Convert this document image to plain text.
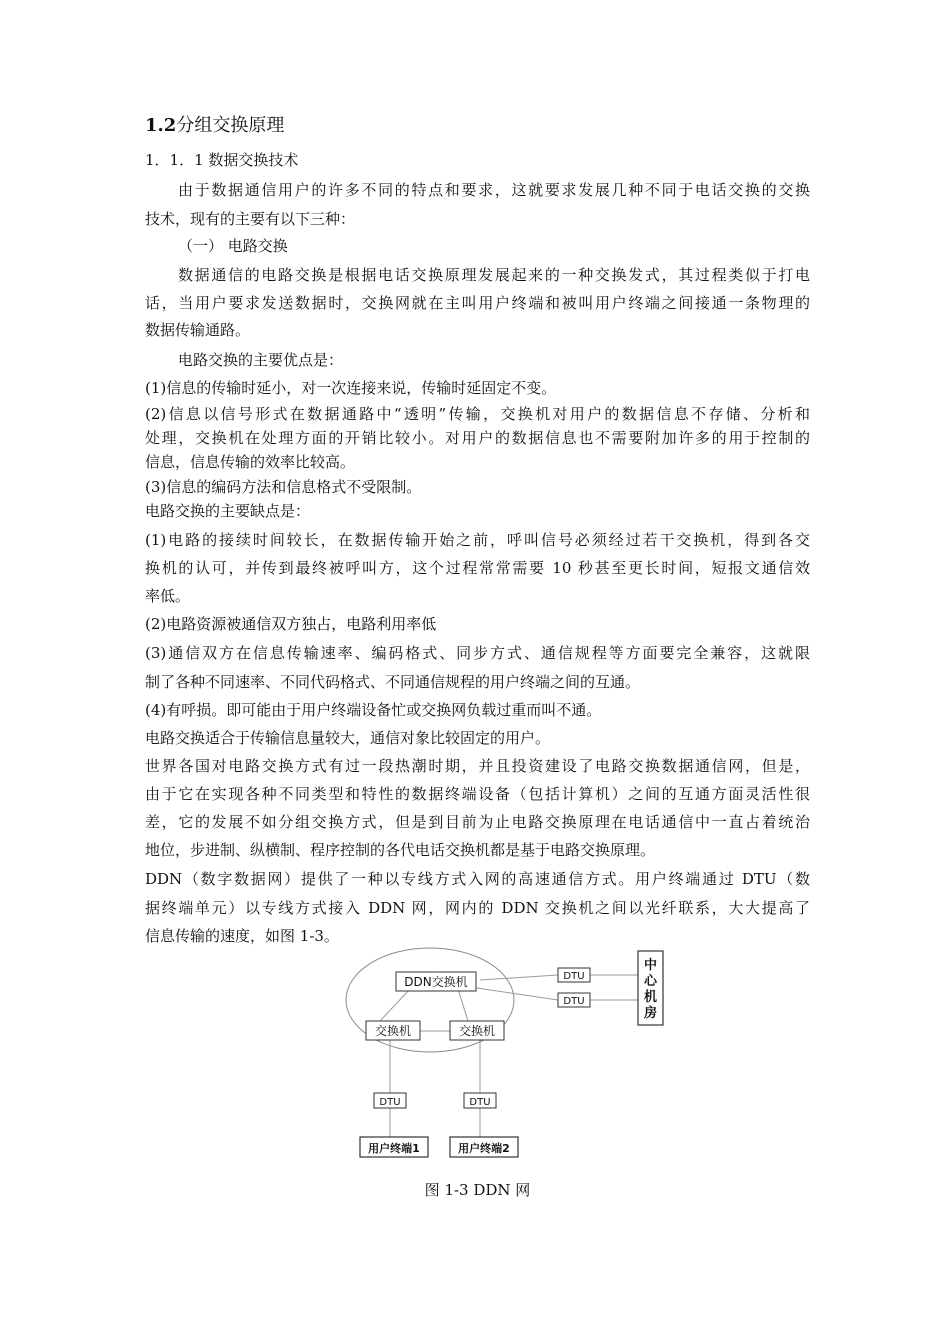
1.2分组交换原理
1．1．1 数据交换技术
由于数据通信用户的许多不同的特点和要求，这就要求发展几种不同于电话交换的交换
技术，现有的主要有以下三种：
（一） 电路交换
数据通信的电路交换是根据电话交换原理发展起来的一种交换发式，其过程类似于打电
话，当用户要求发送数据时，交换网就在主叫用户终端和被叫用户终端之间接通一条物理的
数据传输通路。
电路交换的主要优点是：
(1)信息的传输时延小，对一次连接来说，传输时延固定不变。
(2)信息以信号形式在数据通路中“透明”传输，交换机对用户的数据信息不存储、分析和
处理，交换机在处理方面的开销比较小。对用户的数据信息也不需要附加许多的用于控制的
信息，信息传输的效率比较高。
(3)信息的编码方法和信息格式不受限制。
电路交换的主要缺点是：
(1)电路的接续时间较长，在数据传输开始之前，呼叫信号必须经过若干交换机，得到各交
换机的认可，并传到最终被呼叫方，这个过程常常需要 10 秒甚至更长时间，短报文通信效
率低。
(2)电路资源被通信双方独占，电路利用率低
(3)通信双方在信息传输速率、编码格式、同步方式、通信规程等方面要完全兼容，这就限
制了各种不同速率、不同代码格式、不同通信规程的用户终端之间的互通。
(4)有呼损。即可能由于用户终端设备忙或交换网负载过重而叫不通。
电路交换适合于传输信息量较大，通信对象比较固定的用户。
世界各国对电路交换方式有过一段热潮时期，并且投资建设了电路交换数据通信网，但是，
由于它在实现各种不同类型和特性的数据终端设备（包括计算机）之间的互通方面灵活性很
差，它的发展不如分组交换方式，但是到目前为止电路交换原理在电话通信中一直占着统治
地位，步进制、纵横制、程序控制的各代电话交换机都是基于电路交换原理。
DDN（数字数据网）提供了一种以专线方式入网的高速通信方式。用户终端通过 DTU（数
据终端单元）以专线方式接入 DDN 网，网内的 DDN 交换机之间以光纤联系，大大提高了
信息传输的速度，如图 1-3。
DDN交换机
交换机	交换机
DTU
DTU
中
心
机
房
DTU	DTU
用户终端1	用户终端2
图 1-3 DDN 网
